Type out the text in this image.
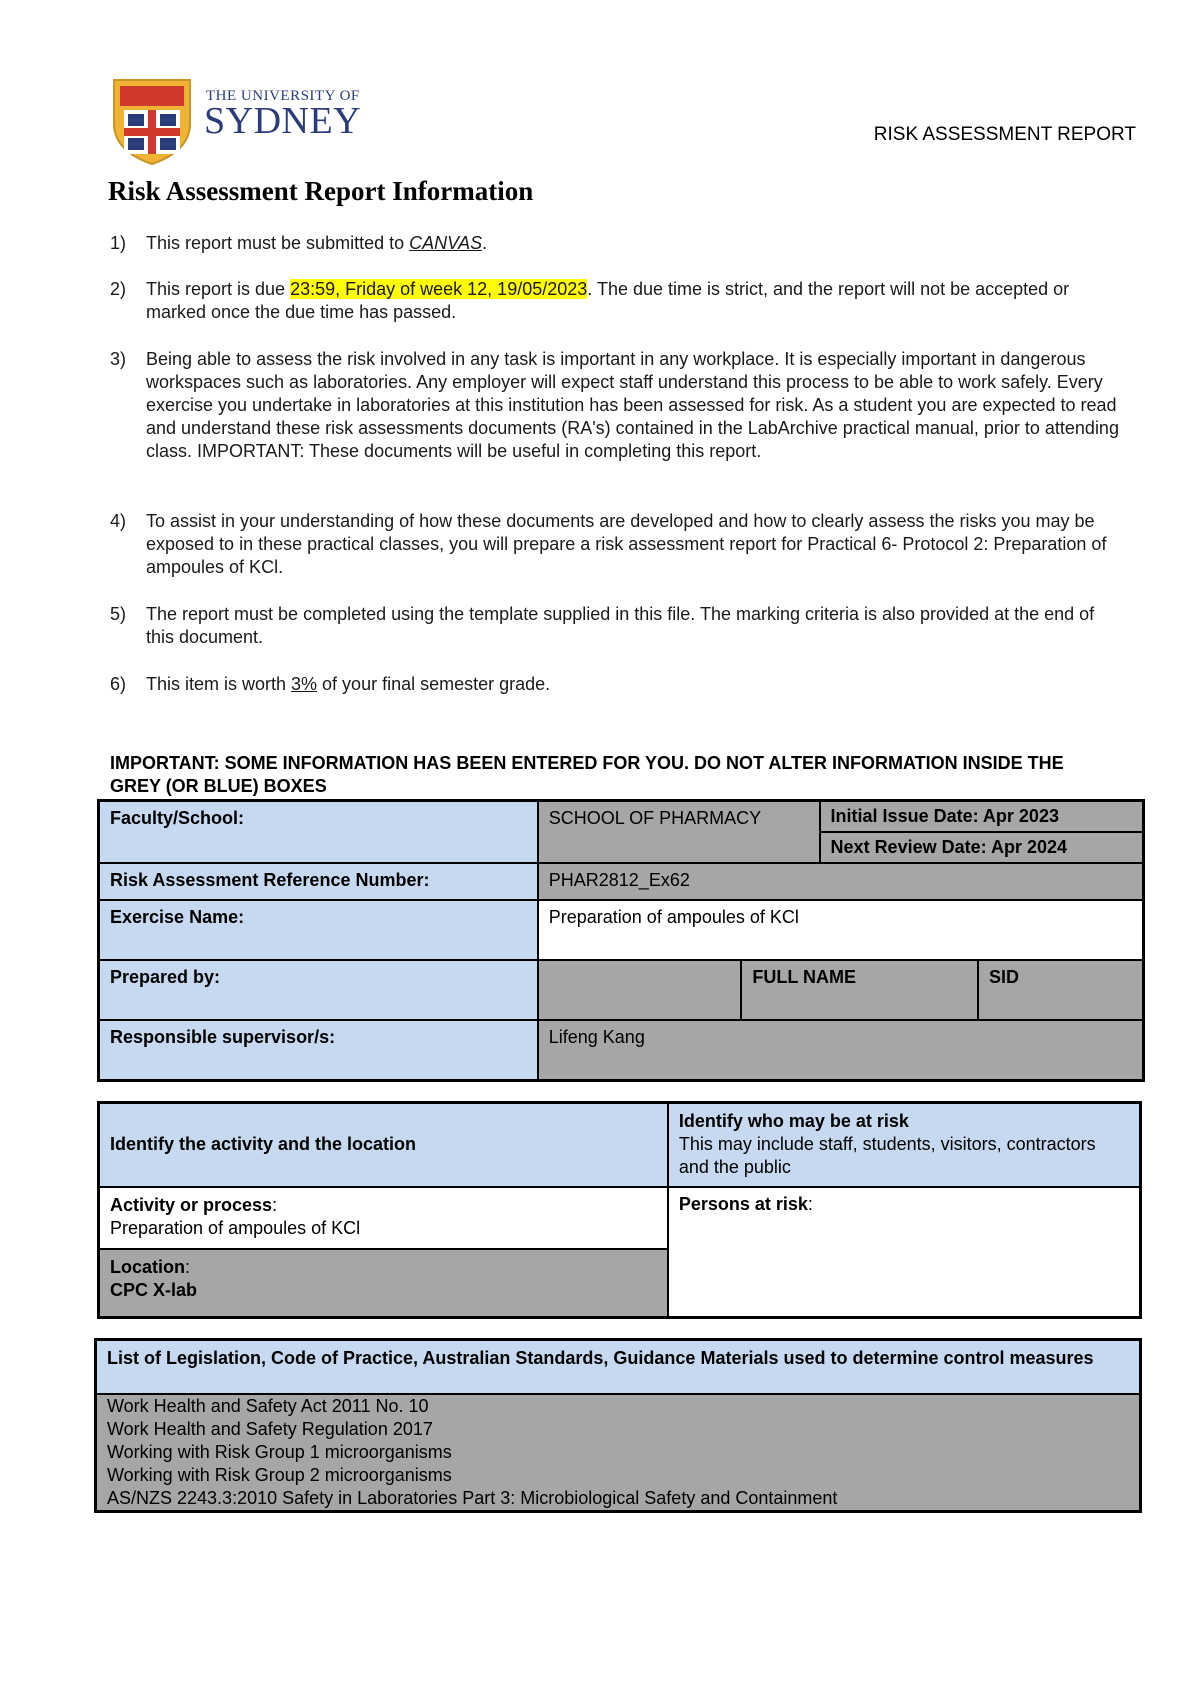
THE UNIVERSITY OF
SYDNEY	RISK ASSESSMENT REPORT
Risk Assessment Report Information
1) This report must be submitted to CANVAS.
2) This report is due 23:59, Friday of week 12, 19/05/2023. The due time is strict, and the report will not be accepted or marked once the due time has passed.
3) Being able to assess the risk involved in any task is important in any workplace. It is especially important in dangerous workspaces such as laboratories. Any employer will expect staff understand this process to be able to work safely. Every exercise you undertake in laboratories at this institution has been assessed for risk. As a student you are expected to read and understand these risk assessments documents (RA's) contained in the LabArchive practical manual, prior to attending class. IMPORTANT: These documents will be useful in completing this report.
4) To assist in your understanding of how these documents are developed and how to clearly assess the risks you may be exposed to in these practical classes, you will prepare a risk assessment report for Practical 6- Protocol 2: Preparation of ampoules of KCl.
5) The report must be completed using the template supplied in this file. The marking criteria is also provided at the end of this document.
6) This item is worth 3% of your final semester grade.
IMPORTANT: SOME INFORMATION HAS BEEN ENTERED FOR YOU. DO NOT ALTER INFORMATION INSIDE THE GREY (OR BLUE) BOXES
Faculty/School:	SCHOOL OF PHARMACY		Initial Issue Date: Apr 2023	
			Next Review Date: Apr 2024	
Risk Assessment Reference Number:	PHAR2812_Ex62			
Exercise Name:	Preparation of ampoules of KCl			
Prepared by:		FULL NAME		SID
Responsible supervisor/s:	Lifeng Kang			
Identify the activity and the location	Identify who may be at risk
This may include staff, students, visitors, contractors and the public

Activity or process:
Preparation of ampoules of KCl	Persons at risk:

Location:
CPC X-lab	
List of Legislation, Code of Practice, Australian Standards, Guidance Materials used to determine control measures

Work Health and Safety Act 2011 No. 10
Work Health and Safety Regulation 2017
Working with Risk Group 1 microorganisms
Working with Risk Group 2 microorganisms
AS/NZS 2243.3:2010 Safety in Laboratories Part 3: Microbiological Safety and Containment
